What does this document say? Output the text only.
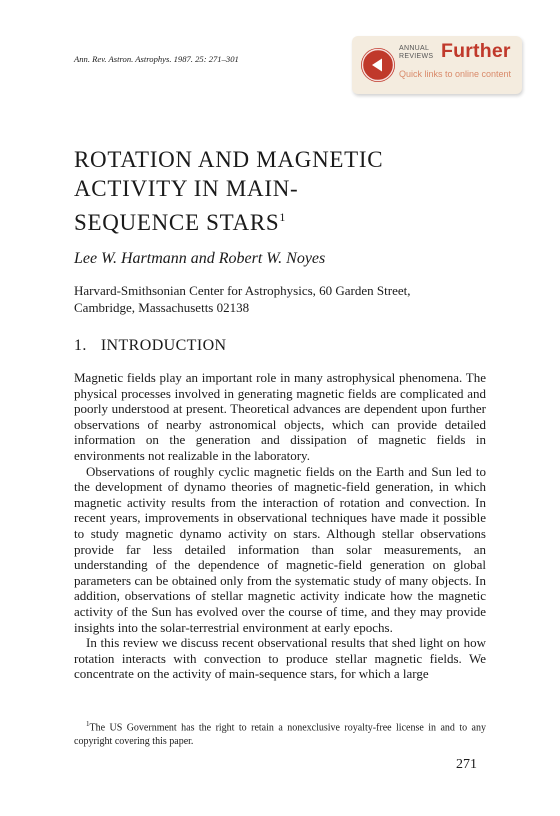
Ann. Rev. Astron. Astrophys. 1987. 25: 271–301
ANNUAL
REVIEWS Further
Quick links to online content
ROTATION AND MAGNETIC
ACTIVITY IN MAIN-
SEQUENCE STARS$^1$
Lee W. Hartmann and Robert W. Noyes
Harvard-Smithsonian Center for Astrophysics, 60 Garden Street,
Cambridge, Massachusetts 02138
1. INTRODUCTION

Magnetic fields play an important role in many astrophysical phenomena. The physical processes involved in generating magnetic fields are complicated and poorly understood at present. Theoretical advances are dependent upon further observations of nearby astronomical objects, which can provide detailed information on the generation and dissipation of magnetic fields in environments not realizable in the laboratory.

Observations of roughly cyclic magnetic fields on the Earth and Sun led to the development of dynamo theories of magnetic-field generation, in which magnetic activity results from the interaction of rotation and convection. In recent years, improvements in observational techniques have made it possible to study magnetic dynamo activity on stars. Although stellar observations provide far less detailed information than solar measurements, an understanding of the dependence of magnetic-field generation on global parameters can be obtained only from the systematic study of many objects. In addition, observations of stellar magnetic activity indicate how the magnetic activity of the Sun has evolved over the course of time, and they may provide insights into the solar-terrestrial environment at early epochs.

In this review we discuss recent observational results that shed light on how rotation interacts with convection to produce stellar magnetic fields. We concentrate on the activity of main-sequence stars, for which a large

$^1$The US Government has the right to retain a nonexclusive royalty-free license in and to any copyright covering this paper.
271
